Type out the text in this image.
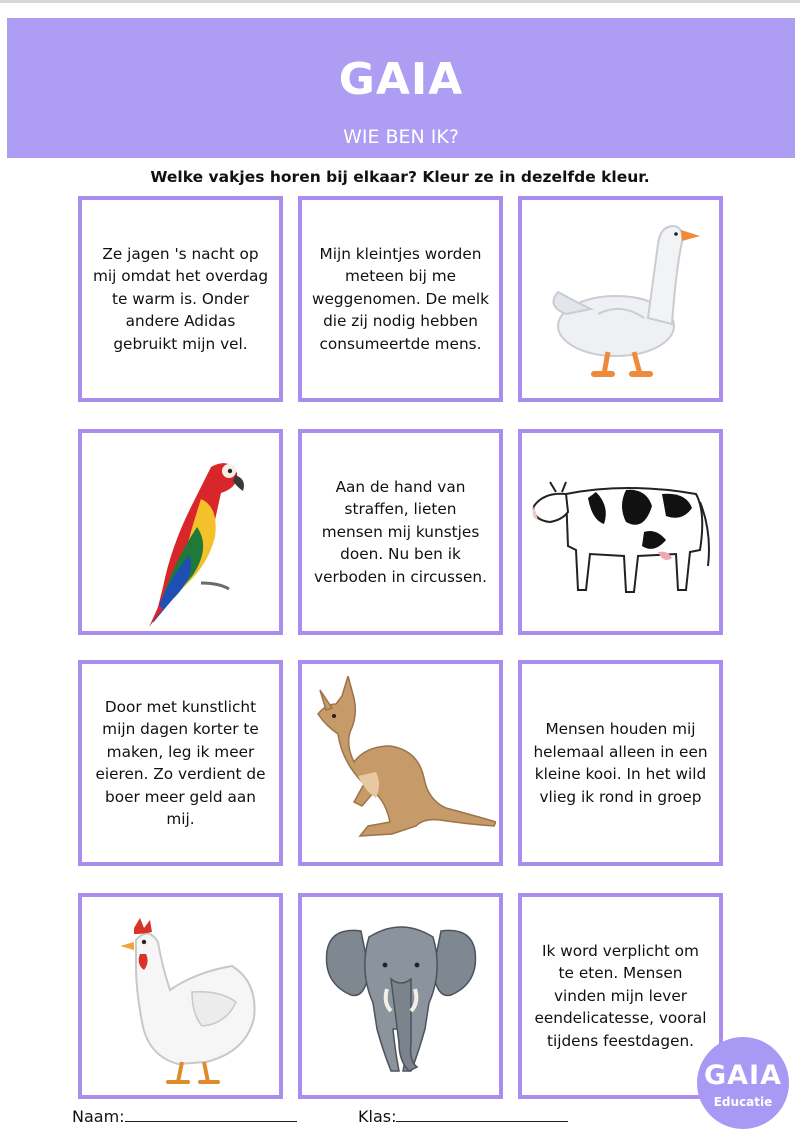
GAIA
WIE BEN IK?
Welke vakjes horen bij elkaar? Kleur ze in dezelfde kleur.
Ze jagen 's nacht op mij omdat het overdag te warm is. Onder andere Adidas gebruikt mijn vel.
Mijn kleintjes worden meteen bij me weggenomen. De melk die zij nodig hebben consumeertde mens.
Aan de hand van straffen, lieten mensen mij kunstjes doen. Nu ben ik verboden in circussen.
Door met kunstlicht mijn dagen korter te maken, leg ik meer eieren. Zo verdient de boer meer geld aan mij.
Mensen houden mij helemaal alleen in een kleine kooi. In het wild vlieg ik rond in groep
Ik word verplicht om te eten. Mensen vinden mijn lever eendelicatesse, vooral tijdens feestdagen.
Naam:	Klas:
GAIA
Educatie
